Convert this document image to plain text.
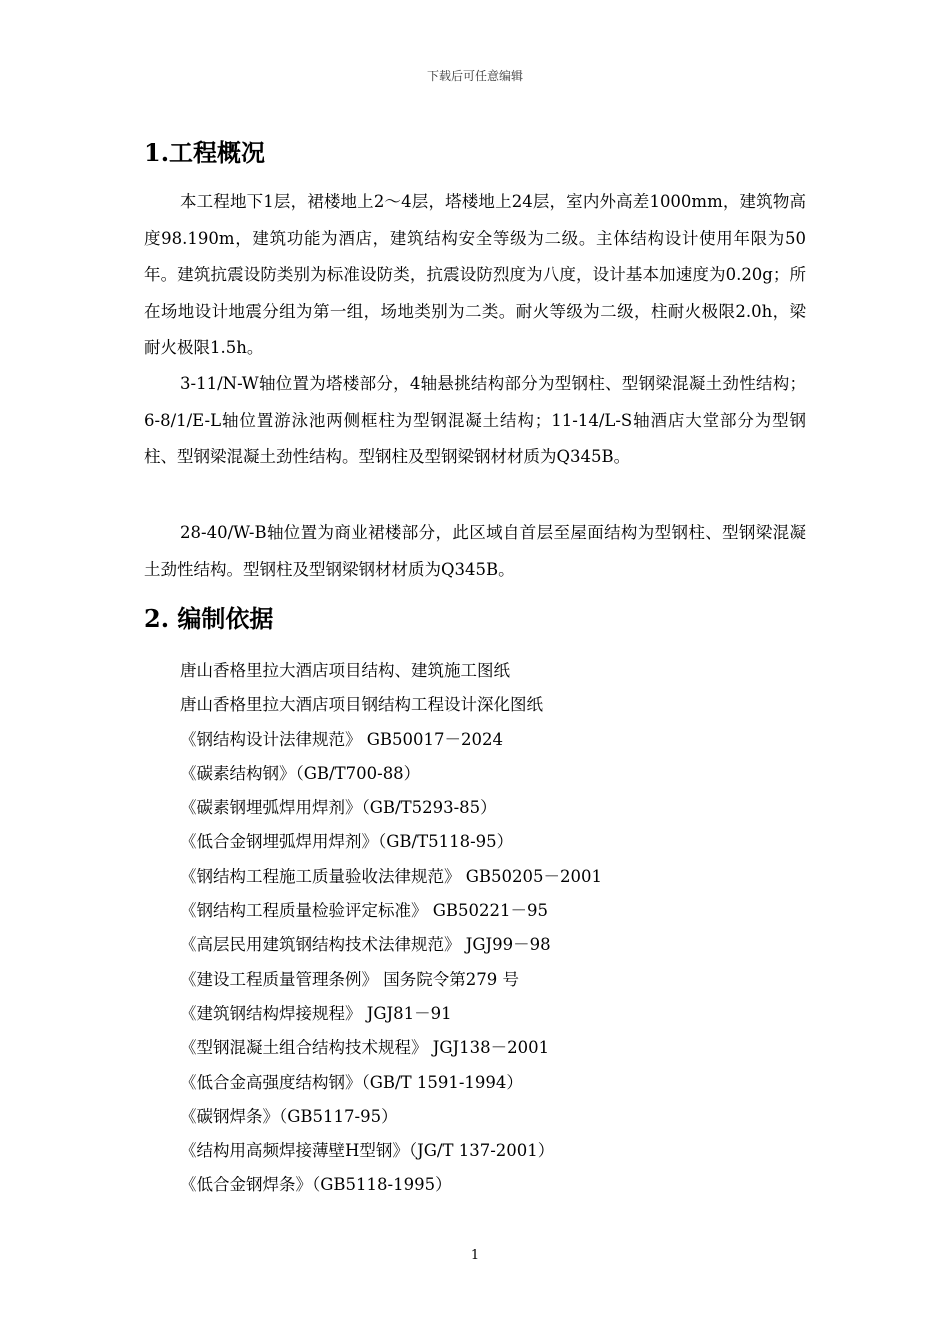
下载后可任意编辑
1.工程概况
本工程地下1层，裙楼地上2～4层，塔楼地上24层，室内外高差1000mm，建筑物高度98.190m，建筑功能为酒店，建筑结构安全等级为二级。主体结构设计使用年限为50年。建筑抗震设防类别为标准设防类，抗震设防烈度为八度，设计基本加速度为0.20g；所在场地设计地震分组为第一组，场地类别为二类。耐火等级为二级，柱耐火极限2.0h，梁耐火极限1.5h。
3-11/N-W轴位置为塔楼部分，4轴悬挑结构部分为型钢柱、型钢梁混凝土劲性结构；6-8/1/E-L轴位置游泳池两侧框柱为型钢混凝土结构；11-14/L-S轴酒店大堂部分为型钢柱、型钢梁混凝土劲性结构。型钢柱及型钢梁钢材材质为Q345B。
28-40/W-B轴位置为商业裙楼部分，此区域自首层至屋面结构为型钢柱、型钢梁混凝土劲性结构。型钢柱及型钢梁钢材材质为Q345B。
2. 编制依据
唐山香格里拉大酒店项目结构、建筑施工图纸
唐山香格里拉大酒店项目钢结构工程设计深化图纸
《钢结构设计法律规范》 GB50017－2024
《碳素结构钢》（GB/T700-88）
《碳素钢埋弧焊用焊剂》（GB/T5293-85）
《低合金钢埋弧焊用焊剂》（GB/T5118-95）
《钢结构工程施工质量验收法律规范》 GB50205－2001
《钢结构工程质量检验评定标准》 GB50221－95
《高层民用建筑钢结构技术法律规范》 JGJ99－98
《建设工程质量管理条例》 国务院令第279 号
《建筑钢结构焊接规程》 JGJ81－91
《型钢混凝土组合结构技术规程》 JGJ138－2001
《低合金高强度结构钢》（GB/T 1591-1994）
《碳钢焊条》（GB5117-95）
《结构用高频焊接薄壁H型钢》（JG/T 137-2001）
《低合金钢焊条》（GB5118-1995）
1
